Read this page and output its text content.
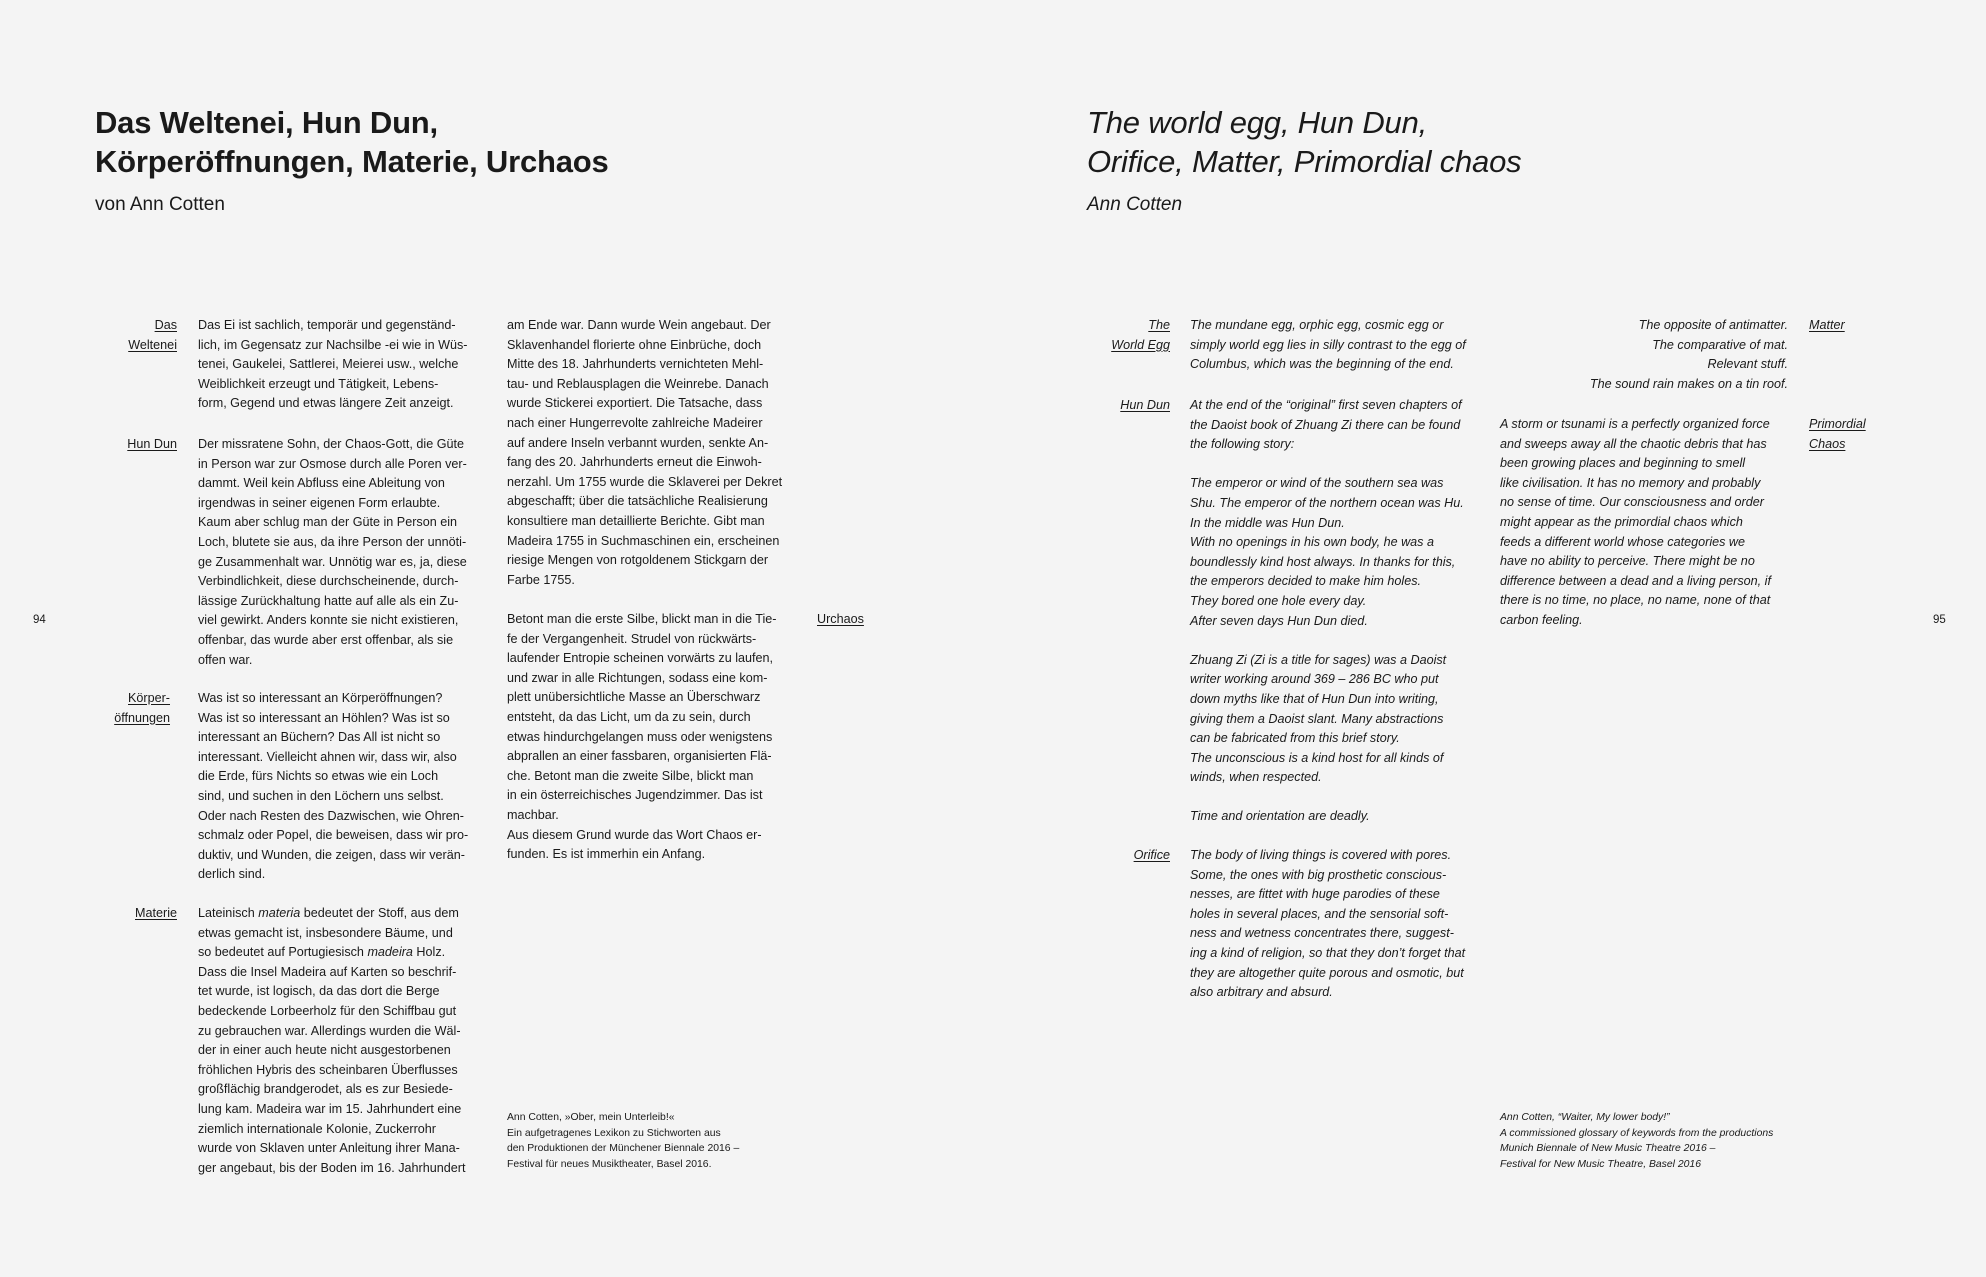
Das Weltenei, Hun Dun,
Körperöffnungen, Materie, Urchaos
von Ann Cotten
Das
Weltenei
Das Ei ist sachlich, temporär und gegenständ-
lich, im Gegensatz zur Nachsilbe -ei wie in Wüs-
tenei, Gaukelei, Sattlerei, Meierei usw., welche
Weiblichkeit erzeugt und Tätigkeit, Lebens-
form, Gegend und etwas längere Zeit anzeigt.
Hun Dun Der missratene Sohn, der Chaos-Gott, die Güte
in Person war zur Osmose durch alle Poren ver-
dammt. Weil kein Abfluss eine Ableitung von
irgendwas in seiner eigenen Form erlaubte.
Kaum aber schlug man der Güte in Person ein
Loch, blutete sie aus, da ihre Person der unnöti-
ge Zusammenhalt war. Unnötig war es, ja, diese
Verbindlichkeit, diese durchscheinende, durch-
lässige Zurückhaltung hatte auf alle als ein Zu-
viel gewirkt. Anders konnte sie nicht existieren,
offenbar, das wurde aber erst offenbar, als sie
offen war.
Körper-
öffnungen
Was ist so interessant an Körperöffnungen?
Was ist so interessant an Höhlen? Was ist so
interessant an Büchern? Das All ist nicht so
interessant. Vielleicht ahnen wir, dass wir, also
die Erde, fürs Nichts so etwas wie ein Loch
sind, und suchen in den Löchern uns selbst.
Oder nach Resten des Dazwischen, wie Ohren-
schmalz oder Popel, die beweisen, dass wir pro-
duktiv, und Wunden, die zeigen, dass wir verän-
derlich sind.
Materie Lateinisch materia bedeutet der Stoff, aus dem
etwas gemacht ist, insbesondere Bäume, und
so bedeutet auf Portugiesisch madeira Holz.
Dass die Insel Madeira auf Karten so beschrif-
tet wurde, ist logisch, da das dort die Berge
bedeckende Lorbeerholz für den Schiffbau gut
zu gebrauchen war. Allerdings wurden die Wäl-
der in einer auch heute nicht ausgestorbenen
fröhlichen Hybris des scheinbaren Überflusses
großflächig brandgerodet, als es zur Besiede-
lung kam. Madeira war im 15. Jahrhundert eine
ziemlich internationale Kolonie, Zuckerrohr
wurde von Sklaven unter Anleitung ihrer Mana-
ger angebaut, bis der Boden im 16. Jahrhundert
am Ende war. Dann wurde Wein angebaut. Der
Sklavenhandel florierte ohne Einbrüche, doch
Mitte des 18. Jahrhunderts vernichteten Mehl-
tau- und Reblausplagen die Weinrebe. Danach
wurde Stickerei exportiert. Die Tatsache, dass
nach einer Hungerrevolte zahlreiche Madeirer
auf andere Inseln verbannt wurden, senkte An-
fang des 20. Jahrhunderts erneut die Einwoh-
nerzahl. Um 1755 wurde die Sklaverei per Dekret
abgeschafft; über die tatsächliche Realisierung
konsultiere man detaillierte Berichte. Gibt man
Madeira 1755 in Suchmaschinen ein, erscheinen
riesige Mengen von rotgoldenem Stickgarn der
Farbe 1755.
Betont man die erste Silbe, blickt man in die Tie-
fe der Vergangenheit. Strudel von rückwärts-
laufender Entropie scheinen vorwärts zu laufen,
und zwar in alle Richtungen, sodass eine kom-
plett unübersichtliche Masse an Überschwarz
entsteht, da das Licht, um da zu sein, durch
etwas hindurchgelangen muss oder wenigstens
abprallen an einer fassbaren, organisierten Flä-
che. Betont man die zweite Silbe, blickt man
in ein österreichisches Jugendzimmer. Das ist
machbar.
Aus diesem Grund wurde das Wort Chaos er-
funden. Es ist immerhin ein Anfang.
Urchaos
Ann Cotten, »Ober, mein Unterleib!«
Ein aufgetragenes Lexikon zu Stichworten aus
den Produktionen der Münchener Biennale 2016 –
Festival für neues Musiktheater, Basel 2016.
94
The world egg, Hun Dun,
Orifice, Matter, Primordial chaos
Ann Cotten
The
World Egg
The mundane egg, orphic egg, cosmic egg or
simply world egg lies in silly contrast to the egg of
Columbus, which was the beginning of the end.
Hun Dun At the end of the “original” first seven chapters of
the Daoist book of Zhuang Zi there can be found
the following story:

The emperor or wind of the southern sea was
Shu. The emperor of the northern ocean was Hu.
In the middle was Hun Dun.
With no openings in his own body, he was a
boundlessly kind host always. In thanks for this,
the emperors decided to make him holes.
They bored one hole every day.
After seven days Hun Dun died.

Zhuang Zi (Zi is a title for sages) was a Daoist
writer working around 369 – 286 BC who put
down myths like that of Hun Dun into writing,
giving them a Daoist slant. Many abstractions
can be fabricated from this brief story.
The unconscious is a kind host for all kinds of
winds, when respected.

Time and orientation are deadly.
Orifice The body of living things is covered with pores.
Some, the ones with big prosthetic conscious-
nesses, are fittet with huge parodies of these
holes in several places, and the sensorial soft-
ness and wetness concentrates there, suggest-
ing a kind of religion, so that they don’t forget that
they are altogether quite porous and osmotic, but
also arbitrary and absurd.
The opposite of antimatter.
The comparative of mat.
Relevant stuff.
The sound rain makes on a tin roof.
Matter
A storm or tsunami is a perfectly organized force
and sweeps away all the chaotic debris that has
been growing places and beginning to smell
like civilisation. It has no memory and probably
no sense of time. Our consciousness and order
might appear as the primordial chaos which
feeds a different world whose categories we
have no ability to perceive. There might be no
difference between a dead and a living person, if
there is no time, no place, no name, none of that
carbon feeling.
Primordial
Chaos
Ann Cotten, “Waiter, My lower body!”
A commissioned glossary of keywords from the productions
Munich Biennale of New Music Theatre 2016 –
Festival for New Music Theatre, Basel 2016
95
